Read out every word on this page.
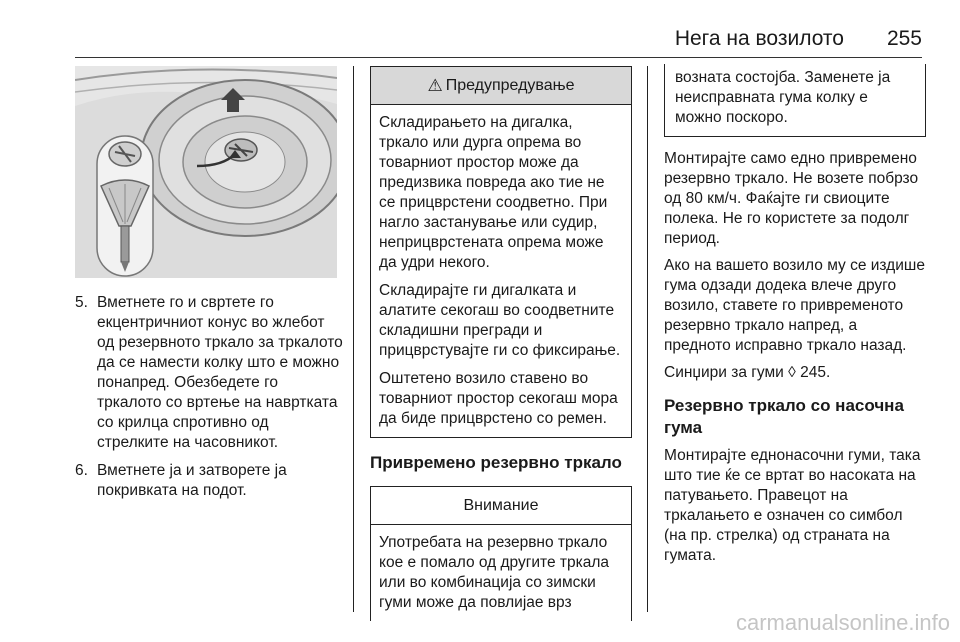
Нега на возилото 255
5. Вметнете го и свртете го екцентричниот конус во жлебот од резервното тркало за тркалото да се намести колку што е можно понапред. Обезбедете го тркалото со вртење на навртката со крилца спротивно од стрелките на часовникот.
6. Вметнете ја и затворете ја покривката на подот.
⚠ Предупредување

Складирањето на дигалка, тркало или дурга опрема во товарниот простор може да предизвика повреда ако тие не се прицврстени соодветно. При нагло застанување или судир, неприцврстената опрема може да удри некого.

Складирајте ги дигалката и алатите секогаш во соодветните складишни прегради и прицврстувајте ги со фиксирање.

Оштетено возило ставено во товарниот простор секогаш мора да биде прицврстено со ремен.

Привремено резервно тркало
Внимание

Употребата на резервно тркало кое е помало од другите тркала или во комбинација со зимски гуми може да повлијае врз

возната состојба. Заменете ја неисправната гума колку е можно поскоро.

Монтирајте само едно привремено резервно тркало. Не возете побрзо од 80 км/ч. Фаќајте ги свиоците полека. Не го користете за подолг период.

Ако на вашето возило му се издише гума одзади додека влече друго возило, ставете го привременото резервно тркало напред, а предното исправно тркало назад.

Синџири за гуми ◊ 245.

Резервно тркало со насочна гума

Монтирајте еднонасочни гуми, така што тие ќе се вртат во насоката на патувањето. Правецот на тркалањето е означен со симбол (на пр. стрелка) од страната на гумата.

carmanualsonline.info
